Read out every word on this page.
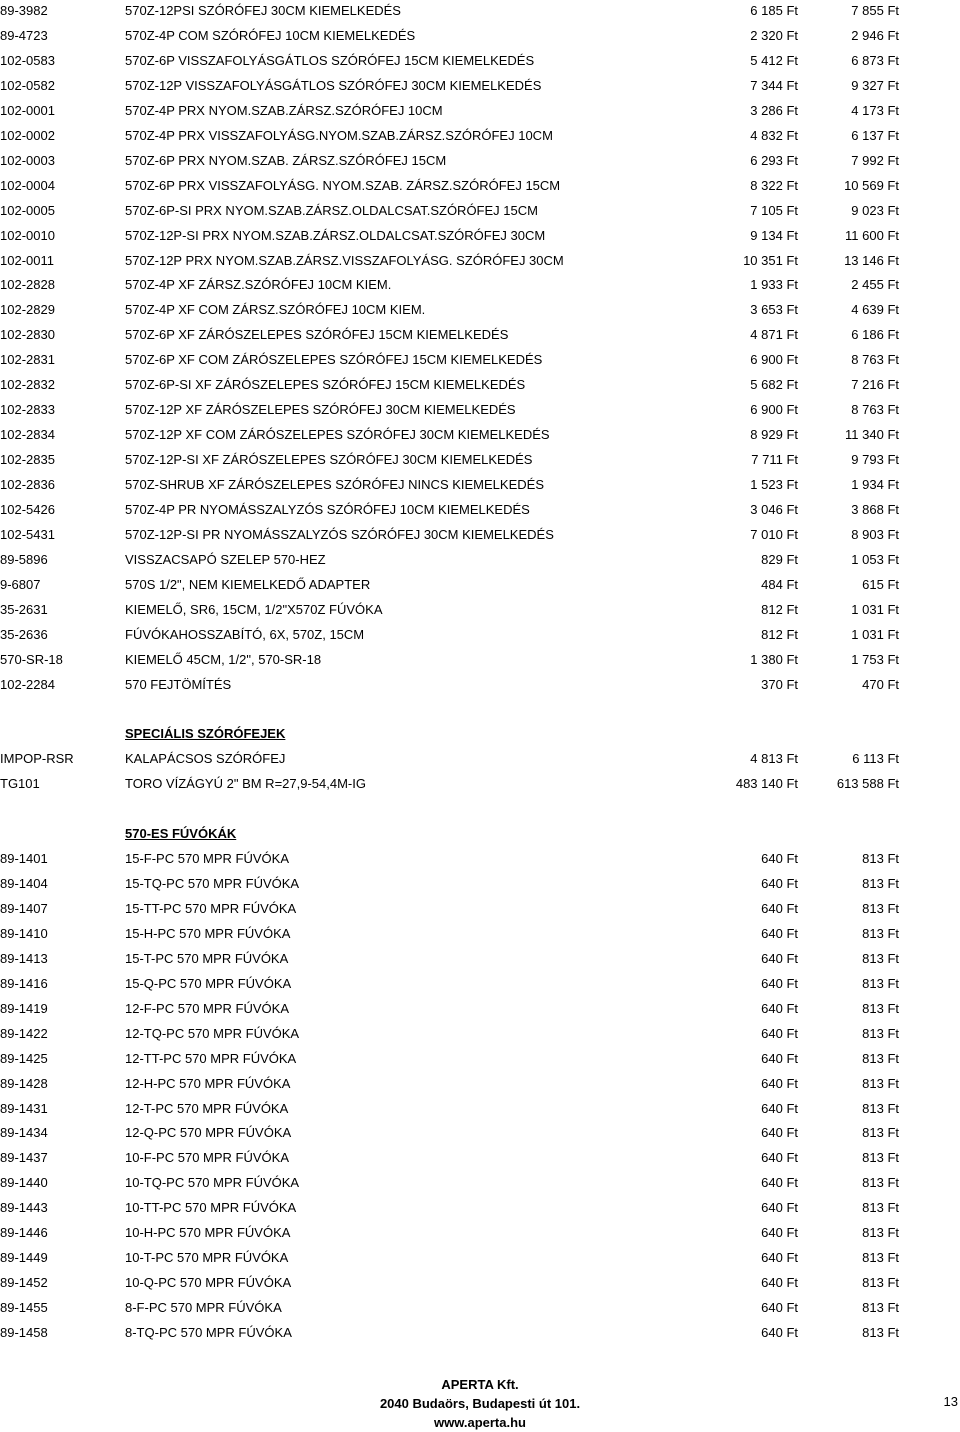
89-3982	570Z-12PSI SZÓRÓFEJ 30CM KIEMELKEDÉS	6 185 Ft	7 855 Ft
89-4723	570Z-4P COM SZÓRÓFEJ 10CM KIEMELKEDÉS	2 320 Ft	2 946 Ft
102-0583	570Z-6P VISSZAFOLYÁSGÁTLOS SZÓRÓFEJ 15CM KIEMELKEDÉS	5 412 Ft	6 873 Ft
102-0582	570Z-12P VISSZAFOLYÁSGÁTLOS SZÓRÓFEJ 30CM KIEMELKEDÉS	7 344 Ft	9 327 Ft
102-0001	570Z-4P PRX NYOM.SZAB.ZÁRSZ.SZÓRÓFEJ 10CM	3 286 Ft	4 173 Ft
102-0002	570Z-4P PRX VISSZAFOLYÁSG.NYOM.SZAB.ZÁRSZ.SZÓRÓFEJ 10CM	4 832 Ft	6 137 Ft
102-0003	570Z-6P PRX NYOM.SZAB. ZÁRSZ.SZÓRÓFEJ 15CM	6 293 Ft	7 992 Ft
102-0004	570Z-6P PRX VISSZAFOLYÁSG. NYOM.SZAB. ZÁRSZ.SZÓRÓFEJ 15CM	8 322 Ft	10 569 Ft
102-0005	570Z-6P-SI PRX NYOM.SZAB.ZÁRSZ.OLDALCSAT.SZÓRÓFEJ 15CM	7 105 Ft	9 023 Ft
102-0010	570Z-12P-SI PRX NYOM.SZAB.ZÁRSZ.OLDALCSAT.SZÓRÓFEJ 30CM	9 134 Ft	11 600 Ft
102-0011	570Z-12P PRX NYOM.SZAB.ZÁRSZ.VISSZAFOLYÁSG. SZÓRÓFEJ 30CM	10 351 Ft	13 146 Ft
102-2828	570Z-4P XF ZÁRSZ.SZÓRÓFEJ 10CM KIEM.	1 933 Ft	2 455 Ft
102-2829	570Z-4P XF COM ZÁRSZ.SZÓRÓFEJ 10CM KIEM.	3 653 Ft	4 639 Ft
102-2830	570Z-6P XF ZÁRÓSZELEPES SZÓRÓFEJ 15CM KIEMELKEDÉS	4 871 Ft	6 186 Ft
102-2831	570Z-6P XF COM ZÁRÓSZELEPES SZÓRÓFEJ 15CM KIEMELKEDÉS	6 900 Ft	8 763 Ft
102-2832	570Z-6P-SI XF ZÁRÓSZELEPES SZÓRÓFEJ 15CM KIEMELKEDÉS	5 682 Ft	7 216 Ft
102-2833	570Z-12P XF ZÁRÓSZELEPES SZÓRÓFEJ 30CM KIEMELKEDÉS	6 900 Ft	8 763 Ft
102-2834	570Z-12P XF COM ZÁRÓSZELEPES SZÓRÓFEJ 30CM KIEMELKEDÉS	8 929 Ft	11 340 Ft
102-2835	570Z-12P-SI XF ZÁRÓSZELEPES SZÓRÓFEJ 30CM KIEMELKEDÉS	7 711 Ft	9 793 Ft
102-2836	570Z-SHRUB XF ZÁRÓSZELEPES SZÓRÓFEJ NINCS KIEMELKEDÉS	1 523 Ft	1 934 Ft
102-5426	570Z-4P PR NYOMÁSSZALYZÓS SZÓRÓFEJ 10CM KIEMELKEDÉS	3 046 Ft	3 868 Ft
102-5431	570Z-12P-SI PR NYOMÁSSZALYZÓS SZÓRÓFEJ 30CM KIEMELKEDÉS	7 010 Ft	8 903 Ft
89-5896	VISSZACSAPÓ SZELEP 570-HEZ	829 Ft	1 053 Ft
9-6807	570S 1/2", NEM KIEMELKEDŐ ADAPTER	484 Ft	615 Ft
35-2631	KIEMELŐ, SR6, 15CM, 1/2"X570Z FÚVÓKA	812 Ft	1 031 Ft
35-2636	FÚVÓKAHOSSZABÍTÓ, 6X, 570Z, 15CM	812 Ft	1 031 Ft
570-SR-18	KIEMELŐ 45CM, 1/2", 570-SR-18	1 380 Ft	1 753 Ft
102-2284	570 FEJTÖMÍTÉS	370 Ft	470 Ft
SPECIÁLIS SZÓRÓFEJEK
IMPOP-RSR	KALAPÁCSOS SZÓRÓFEJ	4 813 Ft	6 113 Ft
TG101	TORO VÍZÁGYÚ 2" BM R=27,9-54,4M-IG	483 140 Ft	613 588 Ft
570-ES FÚVÓKÁK
89-1401	15-F-PC 570 MPR FÚVÓKA	640 Ft	813 Ft
89-1404	15-TQ-PC 570 MPR FÚVÓKA	640 Ft	813 Ft
89-1407	15-TT-PC 570 MPR FÚVÓKA	640 Ft	813 Ft
89-1410	15-H-PC 570 MPR FÚVÓKA	640 Ft	813 Ft
89-1413	15-T-PC 570 MPR FÚVÓKA	640 Ft	813 Ft
89-1416	15-Q-PC 570 MPR FÚVÓKA	640 Ft	813 Ft
89-1419	12-F-PC 570 MPR FÚVÓKA	640 Ft	813 Ft
89-1422	12-TQ-PC 570 MPR FÚVÓKA	640 Ft	813 Ft
89-1425	12-TT-PC 570 MPR FÚVÓKA	640 Ft	813 Ft
89-1428	12-H-PC 570 MPR FÚVÓKA	640 Ft	813 Ft
89-1431	12-T-PC 570 MPR FÚVÓKA	640 Ft	813 Ft
89-1434	12-Q-PC 570 MPR FÚVÓKA	640 Ft	813 Ft
89-1437	10-F-PC 570 MPR FÚVÓKA	640 Ft	813 Ft
89-1440	10-TQ-PC 570 MPR FÚVÓKA	640 Ft	813 Ft
89-1443	10-TT-PC 570 MPR FÚVÓKA	640 Ft	813 Ft
89-1446	10-H-PC 570 MPR FÚVÓKA	640 Ft	813 Ft
89-1449	10-T-PC 570 MPR FÚVÓKA	640 Ft	813 Ft
89-1452	10-Q-PC 570 MPR FÚVÓKA	640 Ft	813 Ft
89-1455	8-F-PC 570 MPR FÚVÓKA	640 Ft	813 Ft
89-1458	8-TQ-PC 570 MPR FÚVÓKA	640 Ft	813 Ft
APERTA Kft.
2040 Budaörs, Budapesti út 101.
www.aperta.hu
13
